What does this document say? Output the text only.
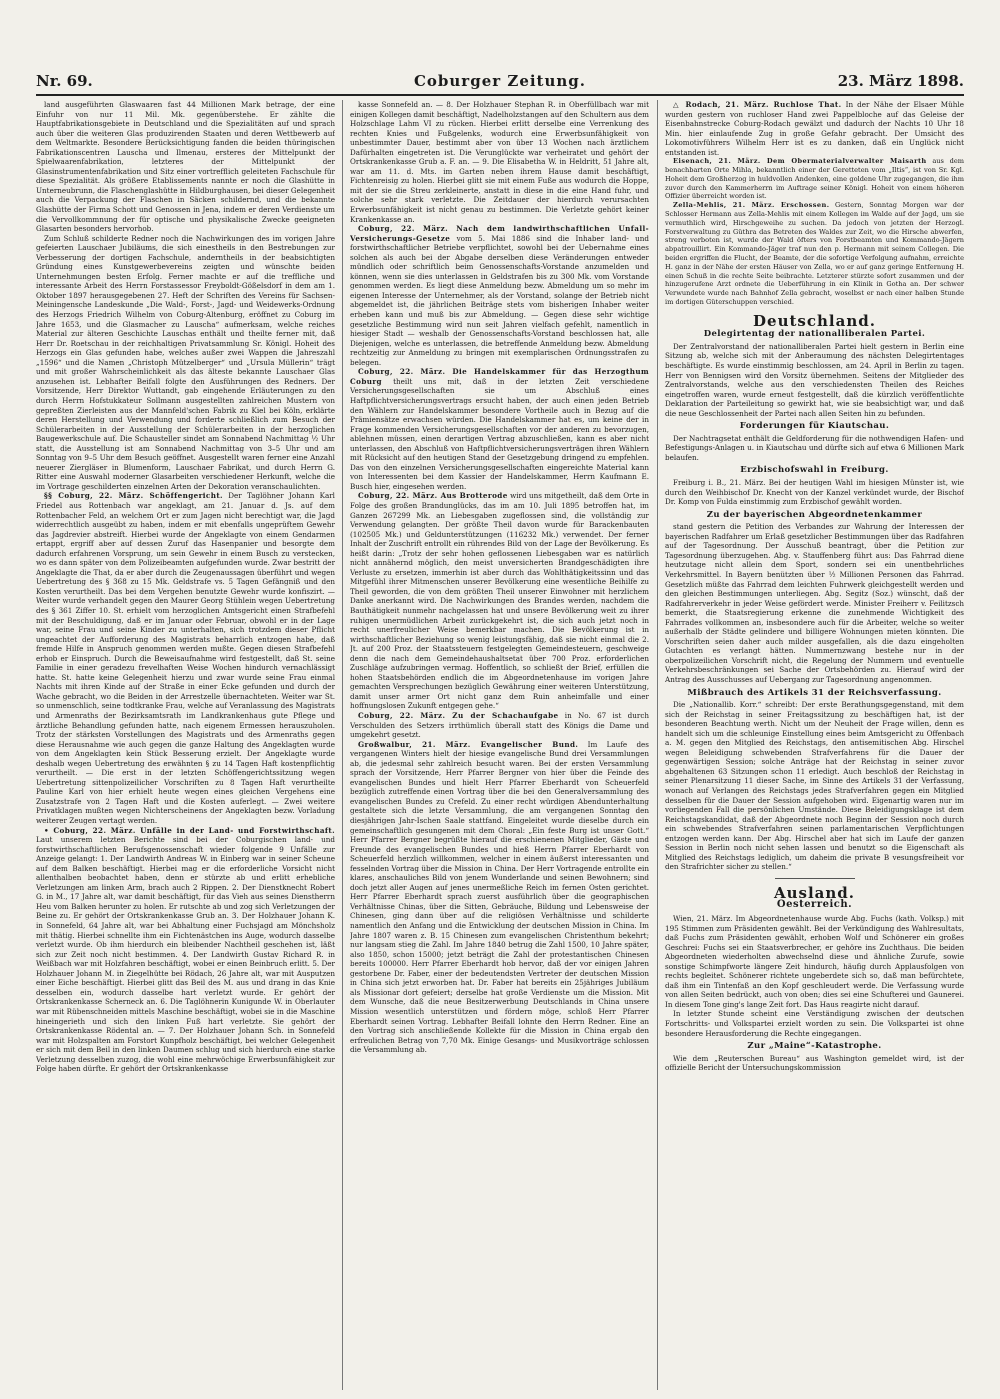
Nr. 69.	Coburger Zeitung.	23. März 1898.

land ausgeführten Glaswaaren fast 44 Millionen Mark betrage, der eine Einfuhr von nur 11 Mil. Mk. gegenüberstehe. Er zählte die Hauptfabrikationsgebiete in Deutschland und die Spezialitäten auf und sprach auch über die weiteren Glas produzirenden Staaten und deren Wettbewerb auf dem Weltmarkte. Besondere Berücksichtigung fanden die beiden thüringischen Fabrikationscentren Lauscha und Ilmenau, ersteres der Mittelpunkt der Spielwaarenfabrikation, letzteres der Mittelpunkt der Glasinstrumentenfabrikation und Sitz einer vortrefflich geleiteten Fachschule für diese Spezialität. Als größere Etablissements nannte er noch die Glashütte in Unterneubrunn, die Flaschenglashütte in Hildburghausen, bei dieser Gelegenheit auch die Verpackung der Flaschen in Säcken schildernd, und die bekannte Glashütte der Firma Schott und Genossen in Jena, indem er deren Verdienste um die Vervollkommnung der für optische und physikalische Zwecke geeigneten Glasarten besonders hervorhob.

Zum Schluß schilderte Redner noch die Nachwirkungen des im vorigen Jahre gefeierten Lauschaer Jubiläums, die sich einestheils in den Bestrebungen zur Verbesserung der dortigen Fachschule, anderntheils in der beabsichtigten Gründung eines Kunstgewerbevereins zeigten und wünschte beiden Unternehmungen besten Erfolg. Ferner machte er auf die treffliche und interessante Arbeit des Herrn Forstassessor Freyboldt-Gößelsdorf in dem am 1. Oktober 1897 herausgegebenen 27. Heft der Schriften des Vereins für Sachsen-Meiningensche Landeskunde „Die Wald-, Forst-, Jagd- und Weidewerks-Ordnung des Herzogs Friedrich Wilhelm von Coburg-Altenburg, eröffnet zu Coburg im Jahre 1653, und die Glasmacher zu Lauscha“ aufmerksam, welche reiches Material zur älteren Geschichte Lauschas enthält und theilte ferner mit, daß Herr Dr. Roetschau in der reichhaltigen Privatsammlung Sr. Königl. Hoheit des Herzogs ein Glas gefunden habe, welches außer zwei Wappen die Jahreszahl „1596“ und die Namen „Christoph Mützelberger“ und „Ursula Müllerin“ trägt und mit großer Wahrscheinlichkeit als das älteste bekannte Lauschaer Glas anzusehen ist. Lebhafter Beifall folgte den Ausführungen des Redners. Der Vorsitzende, Herr Direktor Wuttandt, gab eingehende Erläuterungen zu den durch Herrn Hofstukkateur Sollmann ausgestellten zahlreichen Mustern von gepreßten Zierleisten aus der Mannfeld'schen Fabrik zu Kiel bei Köln, erklärte deren Herstellung und Verwendung und forderte schließlich zum Besuch der Schülerarbeiten in der Ausstellung der Schülerarbeiten in der herzoglichen Baugewerkschule auf. Die Schausteller sindet am Sonnabend Nachmittag ½ Uhr statt, die Ausstellung ist am Sonnabend Nachmittag von 3–5 Uhr und am Sonntag von 9–5 Uhr dem Besuch geöffnet. Ausgestellt waren ferner eine Anzahl neuerer Ziergläser in Blumenform, Lauschaer Fabrikat, und durch Herrn G. Ritter eine Auswahl moderner Glasarbeiten verschiedener Herkunft, welche die im Vortrage geschilderten einzelnen Arten der Dekoration veranschaulichten.

§§ Coburg, 22. März. Schöffengericht. Der Taglöhner Johann Karl Friedel aus Rottenbach war angeklagt, am 21. Januar d. Js. auf dem Rottenbacher Feld, an welchem Ort er zum Jagen nicht berechtigt war, die Jagd widerrechtlich ausgeübt zu haben, indem er mit ebenfalls ungeprüftem Gewehr das Jagdrevier abstreift. Hierbei wurde der Angeklagte von einem Gendarmen ertappt, ergriff aber auf dessen Zuruf das Hasenpanier und besorgte dem dadurch erfahrenen Vorsprung, um sein Gewehr in einem Busch zu verstecken, wo es dann später von dem Polizeibeamten aufgefunden wurde. Zwar bestritt der Angeklagte die That, da er aber durch die Zeugenaussagen überführt und wegen Uebertretung des § 368 zu 15 Mk. Geldstrafe vs. 5 Tagen Gefängniß und den Kosten verurtheilt. Das bei dem Vergehen benutzte Gewehr wurde konfiszirt. — Weiter wurde verhandelt gegen den Maurer Georg Stühlein wegen Uebertretung des § 361 Ziffer 10. St. erhielt vom herzoglichen Amtsgericht einen Strafbefehl mit der Beschuldigung, daß er im Januar oder Februar, obwohl er in der Lage war, seine Frau und seine Kinder zu unterhalten, sich trotzdem dieser Pflicht ungeachtet der Aufforderung des Magistrats beharrlich entzogen habe, daß fremde Hilfe in Anspruch genommen werden mußte. Gegen diesen Strafbefehl erhob er Einspruch. Durch die Beweisaufnahme wird festgestellt, daß St. seine Familie in einer geradezu frevelhaften Weise Wochen hindurch vernachlässigt hatte. St. hatte keine Gelegenheit hierzu und zwar wurde seine Frau einmal Nachts mit ihren Kinde auf der Straße in einer Ecke gefunden und durch der Wache gebracht, wo die Beiden in der Arrestzelle übernachteten. Weiter war St. so unmenschlich, seine todtkranke Frau, welche auf Veranlassung des Magistrats und Armenraths der Bezirksamtsrath im Landkrankenhaus gute Pflege und ärztliche Behandlung gefunden hatte, nach eigenem Ermessen herauszuholen. Trotz der stärksten Vorstellungen des Magistrats und des Armenraths gegen diese Herausnahme wie auch gegen die ganze Haltung des Angeklagten wurde von dem Angeklagten kein Stück Besserung erzielt. Der Angeklagte wurde deshalb wegen Uebertretung des erwähnten § zu 14 Tagen Haft kostenpflichtig verurtheilt. — Die erst in der letzten Schöffengerichtssitzung wegen Uebertretung sittenpolizeilicher Vorschriften zu 8 Tagen Haft verurtheilte Pauline Karl von hier erhielt heute wegen eines gleichen Vergehens eine Zusatzstrafe von 2 Tagen Haft und die Kosten auferlegt. — Zwei weitere Privatklagen mußten wegen Nichterscheinens der Angeklagten bezw. Vorladung weiterer Zeugen vertagt werden.

• Coburg, 22. März. Unfälle in der Land- und Forstwirthschaft. Laut unserem letzten Berichte sind bei der Coburgischen land- und forstwirthschaftlichen Berufsgenossenschaft wieder folgende 9 Unfälle zur Anzeige gelangt: 1. Der Landwirth Andreas W. in Einberg war in seiner Scheune auf dem Balken beschäftigt. Hierbei mag er die erforderliche Vorsicht nicht allenthalben beobachtet haben, denn er stürzte ab und erlitt erhebliche Verletzungen am linken Arm, brach auch 2 Rippen. 2. Der Dienstknecht Robert G. in M., 17 Jahre alt, war damit beschäftigt, für das Vieh aus seines Dienstherrn Heu vom Balken herunter zu holen. Er rutschte ab und zog sich Verletzungen der Beine zu. Er gehört der Ortskrankenkasse Grub an. 3. Der Holzhauer Johann K. in Sonnefeld, 64 Jahre alt, war bei Abhaltung einer Fuchsjagd am Mönchsholz mit thätig. Hierbei schnellte ihm ein Fichtenästchen ins Auge, wodurch dasselbe verletzt wurde. Ob ihm hierdurch ein bleibender Nachtheil geschehen ist, läßt sich zur Zeit noch nicht bestimmen. 4. Der Landwirth Gustav Richard R. in Weißbach war mit Holzfahren beschäftigt, wobei er einen Beinbruch erlitt. 5. Der Holzhauer Johann M. in Ziegelhütte bei Rödach, 26 Jahre alt, war mit Ausputzen einer Eiche beschäftigt. Hierbei glitt das Beil des M. aus und drang in das Knie desselben ein, wodurch dasselbe hart verletzt wurde. Er gehört der Ortskrankenkasse Scherneck an. 6. Die Taglöhnerin Kunigunde W. in Oberlauter war mit Rübenschneiden mittels Maschine beschäftigt, wobei sie in die Maschine hineingerieth und sich den linken Fuß hart verletzte. Sie gehört der Ortskrankenkasse Rödental an. — 7. Der Holzhauer Johann Sch. in Sonnefeld war mit Holzspalten am Forstort Kunpfholz beschäftigt, bei welcher Gelegenheit er sich mit dem Beil in den linken Daumen schlug und sich hierdurch eine starke Verletzung desselben zuzog, die wohl eine mehrwöchige Erwerbsunfähigkeit zur Folge haben dürfte. Er gehört der Ortskrankenkasse

kasse Sonnefeld an. — 8. Der Holzhauer Stephan R. in Oberfüllbach war mit einigen Kollegen damit beschäftigt, Nadelholzstangen auf den Schultern aus dem Holzschlage Lahm VI zu rücken. Hierbei erlitt derselbe eine Verrenkung des rechten Knies und Fußgelenks, wodurch eine Erwerbsunfähigkeit von unbestimmter Dauer, bestimmt aber von über 13 Wochen nach ärztlichem Dafürhalten eingetreten ist. Die Verunglückte war verheiratet und gehört der Ortskrankenkasse Grub a. F. an. — 9. Die Elisabetha W. in Heldritt, 51 Jahre alt, war am 11. d. Mts. im Garten neben ihrem Hause damit beschäftigt, Fichtenreisig zu holen. Hierbei glitt sie mit einem Fuße aus wodurch die Hoppe, mit der sie die Streu zerkleinerte, anstatt in diese in die eine Hand fuhr, und solche sehr stark verletzte. Die Zeitdauer der hierdurch verursachten Erwerbsunfähigkeit ist nicht genau zu bestimmen. Die Verletzte gehört keiner Krankenkasse an.

Coburg, 22. März. Nach dem landwirthschaftlichen Unfall-Versicherungs-Gesetze vom 5. Mai 1886 sind die Inhaber land- und forstwirthschaftlicher Betriebe verpflichtet, sowohl bei der Uebernahme eines solchen als auch bei der Abgabe derselben diese Veränderungen entweder mündlich oder schriftlich beim Genossenschafts-Vorstande anzumelden und können, wenn sie dies unterlassen in Geldstrafen bis zu 300 Mk. vom Vorstande genommen werden. Es liegt diese Anmeldung bezw. Abmeldung um so mehr im eigenen Interesse der Unternehmer, als der Vorstand, solange der Betrieb nicht abgemeldet ist, die jährlichen Beiträge stets vom bisherigen Inhaber weiter erheben kann und muß bis zur Abmeldung. — Gegen diese sehr wichtige gesetzliche Bestimmung wird nun seit Jahren vielfach gefehlt, namentlich in hiesiger Stadt — weshalb der Genossenschafts-Vorstand beschlossen hat, alle Diejenigen, welche es unterlassen, die betreffende Anmeldung bezw. Abmeldung rechtzeitig zur Anmeldung zu bringen mit exemplarischen Ordnungsstrafen zu belegen.

Coburg, 22. März. Die Handelskammer für das Herzogthum Coburg theilt uns mit, daß in der letzten Zeit verschiedene Versicherungsgesellschaften sie um Abschluß eines Haftpflichtversicherungsvertrags ersucht haben, der auch einen jeden Betrieb den Wählern zur Handelskammer besondere Vortheile auch in Bezug auf die Prämiensätze erwachsen würden. Die Handelskammer hat es, um keine der in Frage kommenden Versicherungsgesellschaften vor der anderen zu bevorzugen, ablehnen müssen, einen derartigen Vertrag abzuschließen, kann es aber nicht unterlassen, den Abschluß von Haftpflichtversicherungsverträgen ihren Wählern mit Rücksicht auf den heutigen Stand der Gesetzgebung dringend zu empfehlen. Das von den einzelnen Versicherungsgesellschaften eingereichte Material kann von Interessenten bei dem Kassier der Handelskammer, Herrn Kaufmann E. Busch hier, eingesehen werden.

Coburg, 22. März. Aus Brotterode wird uns mitgetheilt, daß dem Orte in Folge des großen Brandunglücks, das im am 10. Juli 1895 betroffen hat, im Ganzen 267299 Mk. an Liebesgaben zugeflossen sind, die vollständig zur Verwendung gelangten. Der größte Theil davon wurde für Barackenbauten (102505 Mk.) und Geldunterstützungen (116232 Mk.) verwendet. Der ferner Inhalt der Zuschrift entrollt ein rührendes Bild von der Lage der Bevölkerung. Es heißt darin: „Trotz der sehr hohen geflossenen Liebesgaben war es natürlich nicht annähernd möglich, den meist unversicherten Brandgeschädigten ihre Verluste zu ersetzen, immerhin ist aber durch das Wohlthätigkeitssinn und das Mitgefühl ihrer Mitmenschen unserer Bevölkerung eine wesentliche Beihilfe zu Theil geworden, die von dem größten Theil unserer Einwohner mit herzlichem Danke anerkannt wird. Die Nachwirkungen des Brandes werden, nachdem die Bauthätigkeit nunmehr nachgelassen hat und unsere Bevölkerung weit zu ihrer ruhigen unermüdlichen Arbeit zurückgekehrt ist, die sich auch jetzt noch in recht unerfreulicher Weise bemerkbar machen. Die Bevölkerung ist in wirthschaftlicher Beziehung so wenig leistungsfähig, daß sie nicht einmal die 2. Jt. auf 200 Proz. der Staatssteuern festgelegten Gemeindesteuern, geschweige denn die nach dem Gemeindehaushaltsetat über 700 Proz. erforderlichen Zuschläge aufzubringen vermag. Hoffentlich, so schließt der Brief, erfüllen die hohen Staatsbehörden endlich die im Abgeordnetenhause im vorigen Jahre gemachten Versprechungen bezüglich Gewährung einer weiteren Unterstützung, damit unser armer Ort nicht ganz dem Ruin anheimfalle und einer hoffnungslosen Zukunft entgegen gehe.“

Coburg, 22. März. Zu der Schachaufgabe in No. 67 ist durch Verschulden des Setzers irrthümlich überall statt des Königs die Dame und umgekehrt gesetzt.

Großwalbur, 21. März. Evangelischer Bund. Im Laufe des vergangenen Winters hielt der hiesige evangelische Bund drei Versammlungen ab, die jedesmal sehr zahlreich besucht waren. Bei der ersten Versammlung sprach der Vorsitzende, Herr Pfarrer Bergner von hier über die Feinde des evangelischen Bundes und hielt Herr Pfarrer Eberhardt von Scheuerfeld bezüglich zutreffende einen Vortrag über die bei den Generalversammlung des evangelischen Bundes zu Crefeld. Zu einer recht würdigen Abendunterhaltung gestaltete sich die letzte Versammlung, die am vergangenen Sonntag den diesjährigen Jahr-Ischen Saale stattfand. Eingeleitet wurde dieselbe durch ein gemeinschaftlich gesungenen mit dem Choral: „Ein feste Burg ist unser Gott.“ Herr Pfarrer Bergner begrüßte hierauf die erschienenen Mitglieder, Gäste und Freunde des evangelischen Bundes und hieß Herrn Pfarrer Eberhardt von Scheuerfeld herzlich willkommen, welcher in einem äußerst interessanten und fesselnden Vortrag über die Mission in China. Der Herr Vortragende entrollte ein klares, anschauliches Bild von jenem Wunderlande und seinen Bewohnern; sind doch jetzt aller Augen auf jenes unermeßliche Reich im fernen Osten gerichtet. Herr Pfarrer Eberhardt sprach zuerst ausführlich über die geographischen Verhältnisse Chinas, über die Sitten, Gebräuche, Bildung und Lebensweise der Chinesen, ging dann über auf die religiösen Verhältnisse und schilderte namentlich den Anfang und die Entwicklung der deutschen Mission in China. Im Jahre 1807 waren z. B. 15 Chinesen zum evangelischen Christenthum bekehrt; nur langsam stieg die Zahl. Im Jahre 1840 betrug die Zahl 1500, 10 Jahre später, also 1850, schon 15000; jetzt beträgt die Zahl der protestantischen Chinesen bereits 100000. Herr Pfarrer Eberhardt hob hervor, daß der vor einigen Jahren gestorbene Dr. Faber, einer der bedeutendsten Vertreter der deutschen Mission in China sich jetzt erworben hat. Dr. Faber hat bereits ein 25jähriges Jubiläum als Missionar dort gefeiert; derselbe hat große Verdienste um die Mission. Mit dem Wunsche, daß die neue Besitzerwerbung Deutschlands in China unsere Mission wesentlich unterstützen und fördern möge, schloß Herr Pfarrer Eberhardt seinen Vortrag. Lebhafter Beifall lohnte den Herrn Redner. Eine an den Vortrag sich anschließende Kollekte für die Mission in China ergab den erfreulichen Betrag von 7,70 Mk. Einige Gesangs- und Musikvorträge schlossen die Versammlung ab.

△ Rodach, 21. März. Ruchlose That. In der Nähe der Elsaer Mühle wurden gestern von ruchloser Hand zwei Pappelbloche auf das Geleise der Eisenbahnstrecke Coburg-Rodach gewälzt und dadurch der Nachts 10 Uhr 18 Min. hier einlaufende Zug in große Gefahr gebracht. Der Umsicht des Lokomotivführers Wilhelm Herr ist es zu danken, daß ein Unglück nicht entstanden ist.

Eisenach, 21. März. Dem Obermaterialverwalter Maisarth aus dem benachbarten Orte Mihla, bekanntlich einer der Geretteten vom „Iltis“, ist von Sr. Kgl. Hoheit dem Großherzog in huldvollen Andenken, eine goldene Uhr zugegangen, die ihm zuvor durch den Kammerherrn im Auftrage seiner Königl. Hoheit von einem höheren Offizier überreicht worden ist.

Zella-Mehlis, 21. März. Erschossen. Gestern, Sonntag Morgen war der Schlosser Hermann aus Zella-Mehlis mit einem Kollegen im Walde auf der Jagd, um sie vermuthlich wird, Hirschgeweihe zu suchen. Da jedoch von jetzten der Herzogl. Forstverwaltung zu Güthra das Betreten des Waldes zur Zeit, wo die Hirsche abwerfen, streng verboten ist, wurde der Wald öfters von Forstbeamten und Kommando-Jägern abpatrouillirt. Ein Kommando-Jäger traf nun den p. Hermann mit seinem Collegen. Die beiden ergriffen die Flucht, der Beamte, der die sofortige Verfolgung aufnahm, erreichte H. ganz in der Nähe der ersten Häuser von Zella, wo er auf ganz geringe Entfernung H. einen Schuß in die rechte Seite beibrachte. Letzterer stürzte sofort zusammen und der hinzugerufene Arzt ordnete die Ueberführung in ein Klinik in Gotha an. Der schwer Verwundete wurde nach Bahnhof Zella gebracht, woselbst er nach einer halben Stunde im dortigen Güterschuppen verschied.

Deutschland.
Delegirtentag der nationalliberalen Partei.

Der Zentralvorstand der nationalliberalen Partei hielt gestern in Berlin eine Sitzung ab, welche sich mit der Anberaumung des nächsten Delegirtentages beschäftigte. Es wurde einstimmig beschlossen, am 24. April in Berlin zu tagen. Herr von Bennigsen wird den Vorsitz übernehmen. Seitens der Mitglieder des Zentralvorstands, welche aus den verschiedensten Theilen des Reiches eingetroffen waren, wurde erneut festgestellt, daß die kürzlich veröffentlichte Deklaration der Parteileitung so gewirkt hat, wie sie beabsichtigt war, und daß die neue Geschlossenheit der Partei nach allen Seiten hin zu befunden.

Forderungen für Kiautschau.

Der Nachtragsetat enthält die Geldforderung für die nothwendigen Hafen- und Befestigungs-Anlagen u. in Kiautschau und dürfte sich auf etwa 6 Millionen Mark belaufen.

Erzbischofswahl in Freiburg.

Freiburg i. B., 21. März. Bei der heutigen Wahl im hiesigen Münster ist, wie durch den Weihbischof Dr. Knecht von der Kanzel verkündet wurde, der Bischof Dr. Komp von Fulda einstimmig zum Erzbischof gewählt worden.

Zu der bayerischen Abgeordnetenkammer

stand gestern die Petition des Verbandes zur Wahrung der Interessen der bayerischen Radfahrer um Erlaß gesetzlicher Bestimmungen über das Radfahren auf der Tagesordnung. Der Ausschuß beantragt, über die Petition zur Tagesordnung überzugehen. Abg. v. Stauffenberg führt aus: Das Fahrrad diene heutzutage nicht allein dem Sport, sondern sei ein unentbehrliches Verkehrsmittel. In Bayern benützten über ½ Millionen Personen das Fahrrad. Gesetzlich müßte das Fahrrad dem leichten Fuhrwerk gleichgestellt werden und den gleichen Bestimmungen unterliegen. Abg. Segitz (Soz.) wünscht, daß der Radfahrerverkehr in jeder Weise gefördert werde. Minister Freiherr v. Feilitzsch bemerkt, die Staatsregierung erkenne die zunehmende Wichtigkeit des Fahrrades vollkommen an, insbesondere auch für die Arbeiter, welche so weiter außerhalb der Städte gelindere und billigere Wohnungen mieten könnten. Die Vorschriften seien daher auch milder ausgefallen, als die dazu eingeholten Gutachten es verlangt hätten. Nummernzwang bestehe nur in der oberpolizeilichen Vorschrift nicht, die Regelung der Nummern und eventuelle Verkehrsbeschränkungen sei Sache der Ortsbehörden zu. Hierauf wird der Antrag des Ausschusses auf Uebergang zur Tagesordnung angenommen.

Mißbrauch des Artikels 31 der Reichsverfassung.

Die „Nationallib. Korr.“ schreibt: Der erste Berathungsgegenstand, mit dem sich der Reichstag in seiner Freitagssitzung zu beschäftigen hat, ist der besonderen Beachtung werth. Nicht um der Neuheit der Frage willen, denn es handelt sich um die schleunige Einstellung eines beim Amtsgericht zu Offenbach a. M. gegen den Mitglied des Reichstags, den antisemitischen Abg. Hirschel wegen Beleidigung schwebenden Strafverfahrens für die Dauer der gegenwärtigen Session; solche Anträge hat der Reichstag in seiner zuvor abgehaltenen 63 Sitzungen schon 11 erledigt. Auch beschloß der Reichstag in seiner Plenarsitzung 11 dieser Sache, im Sinne des Artikels 31 der Verfassung, wonach auf Verlangen des Reichstags jedes Strafverfahren gegen ein Mitglied desselben für die Dauer der Session aufgehoben wird. Eigenartig waren nur im vorliegenden Fall die persönlichen Umstände. Diese Beleidigungsklage ist dem Reichstagskandidat, daß der Abgeordnete noch Beginn der Session noch durch ein schwebendes Strafverfahren seinen parlamentarischen Verpflichtungen entzogen werden kann. Der Abg. Hirschel aber hat sich im Laufe der ganzen Session in Berlin noch nicht sehen lassen und benutzt so die Eigenschaft als Mitglied des Reichstags lediglich, um daheim die private B vesungsfreiheit vor den Strafrichter sicher zu stellen.“

Ausland.
Oesterreich.

Wien, 21. März. Im Abgeordnetenhause wurde Abg. Fuchs (kath. Volksp.) mit 195 Stimmen zum Präsidenten gewählt. Bei der Verkündigung des Wahlresultats, daß Fuchs zum Präsidenten gewählt, erhoben Wolf und Schönerer ein großes Geschrei: Fuchs sei ein Staatsverbrecher, er gehöre ins Zuchthaus. Die beiden Abgeordneten wiederholten abwechselnd diese und ähnliche Zurufe, sowie sonstige Schimpfworte längere Zeit hindurch, häufig durch Applausfolgen von rechts begleitet. Schönerer richtete ungeberdete sich so, daß man befürchtete, daß ihm ein Tintenfaß an den Kopf geschleudert werde. Die Verfassung wurde von allen Seiten bedrückt, auch von oben; dies sei eine Schufterei und Gaunerei. In diesem Tone ging's lange Zeit fort. Das Haus reagirte nicht darauf.

In letzter Stunde scheint eine Verständigung zwischen der deutschen Fortschritts- und Volkspartei erzielt worden zu sein. Die Volkspartei ist ohne besondere Herausforderung die Rechte eingegangen.

Zur „Maine“-Katastrophe.

Wie dem „Reuterschen Bureau“ aus Washington gemeldet wird, ist der offizielle Bericht der Untersuchungskommission
